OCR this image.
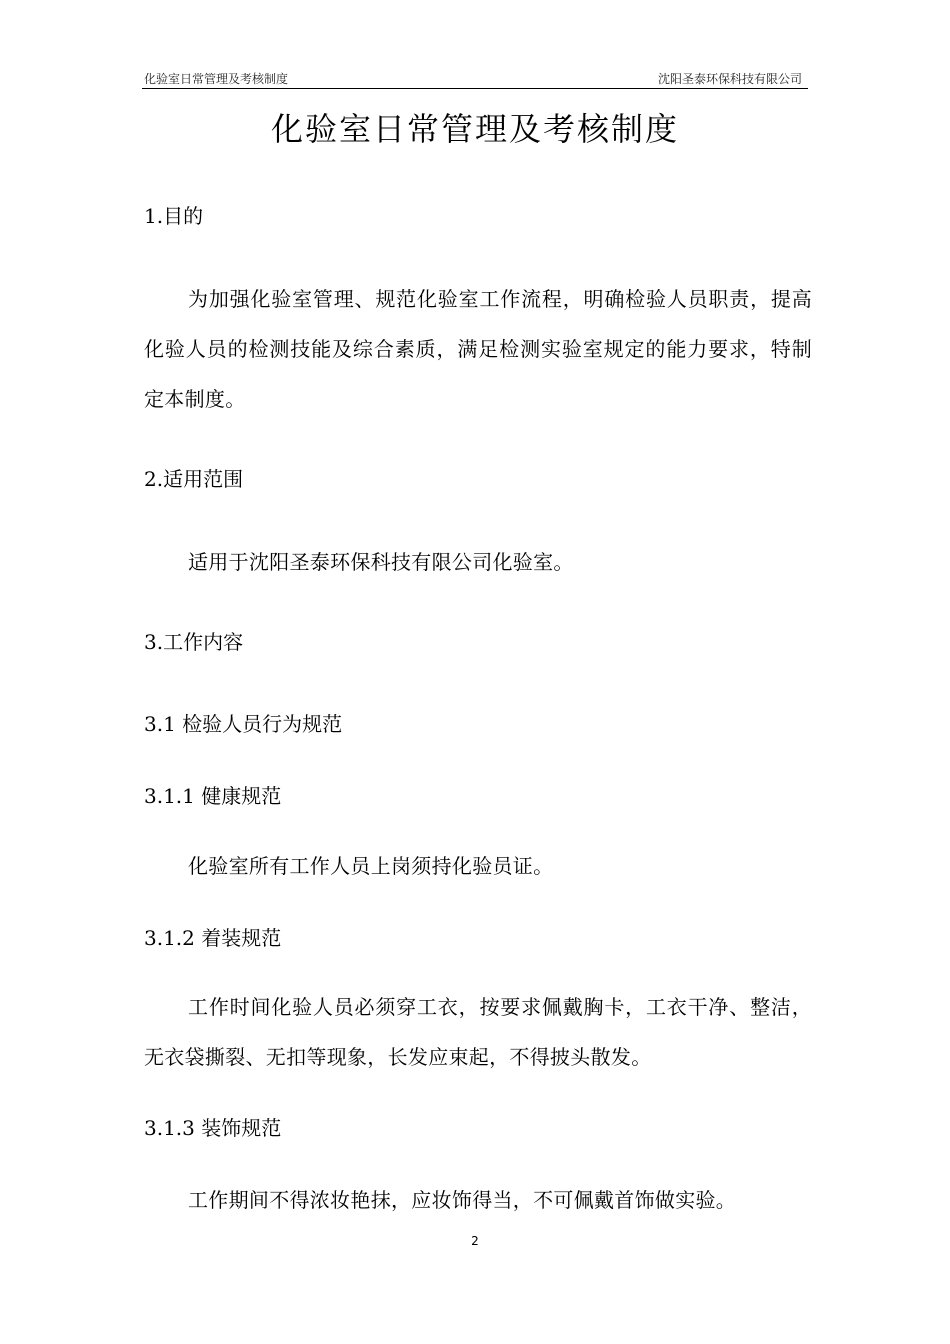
化验室日常管理及考核制度	沈阳圣泰环保科技有限公司
化验室日常管理及考核制度
1.目的
为加强化验室管理、规范化验室工作流程，明确检验人员职责，提高化验人员的检测技能及综合素质，满足检测实验室规定的能力要求，特制定本制度。
2.适用范围
适用于沈阳圣泰环保科技有限公司化验室。
3.工作内容
3.1 检验人员行为规范
3.1.1 健康规范
化验室所有工作人员上岗须持化验员证。
3.1.2 着装规范
工作时间化验人员必须穿工衣，按要求佩戴胸卡，工衣干净、整洁，无衣袋撕裂、无扣等现象，长发应束起，不得披头散发。
3.1.3 装饰规范
工作期间不得浓妆艳抹，应妆饰得当，不可佩戴首饰做实验。
2
